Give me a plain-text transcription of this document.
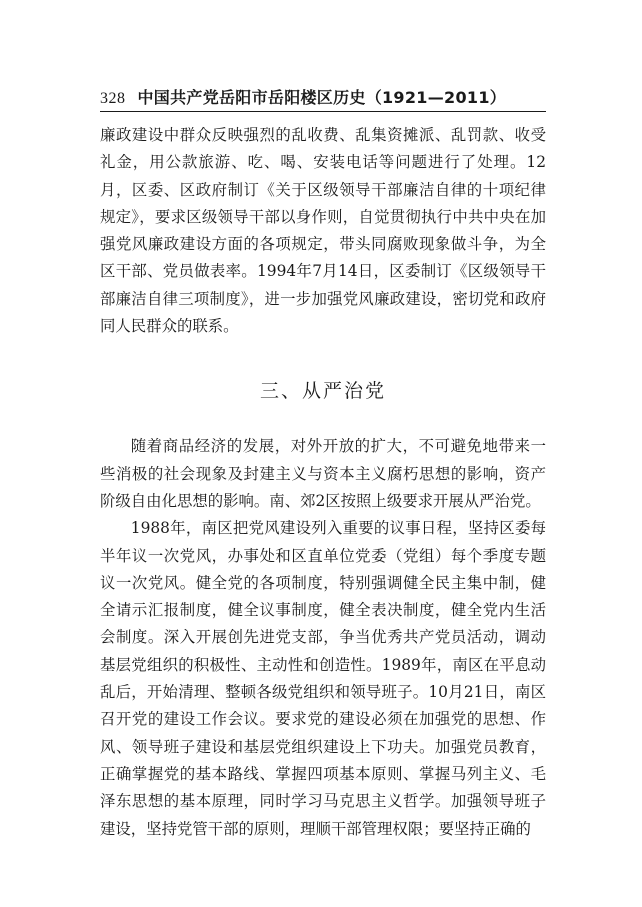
328 中国共产党岳阳市岳阳楼区历史（1921—2011）

廉政建设中群众反映强烈的乱收费、乱集资摊派、乱罚款、收受礼金，用公款旅游、吃、喝、安装电话等问题进行了处理。12月，区委、区政府制订《关于区级领导干部廉洁自律的十项纪律规定》，要求区级领导干部以身作则，自觉贯彻执行中共中央在加强党风廉政建设方面的各项规定，带头同腐败现象做斗争，为全区干部、党员做表率。1994年7月14日，区委制订《区级领导干部廉洁自律三项制度》，进一步加强党风廉政建设，密切党和政府同人民群众的联系。

三、从严治党

随着商品经济的发展，对外开放的扩大，不可避免地带来一些消极的社会现象及封建主义与资本主义腐朽思想的影响，资产阶级自由化思想的影响。南、郊2区按照上级要求开展从严治党。

1988年，南区把党风建设列入重要的议事日程，坚持区委每半年议一次党风，办事处和区直单位党委（党组）每个季度专题议一次党风。健全党的各项制度，特别强调健全民主集中制，健全请示汇报制度，健全议事制度，健全表决制度，健全党内生活会制度。深入开展创先进党支部，争当优秀共产党员活动，调动基层党组织的积极性、主动性和创造性。1989年，南区在平息动乱后，开始清理、整顿各级党组织和领导班子。10月21日，南区召开党的建设工作会议。要求党的建设必须在加强党的思想、作风、领导班子建设和基层党组织建设上下功夫。加强党员教育，正确掌握党的基本路线、掌握四项基本原则、掌握马列主义、毛泽东思想的基本原理，同时学习马克思主义哲学。加强领导班子建设，坚持党管干部的原则，理顺干部管理权限；要坚持正确的
